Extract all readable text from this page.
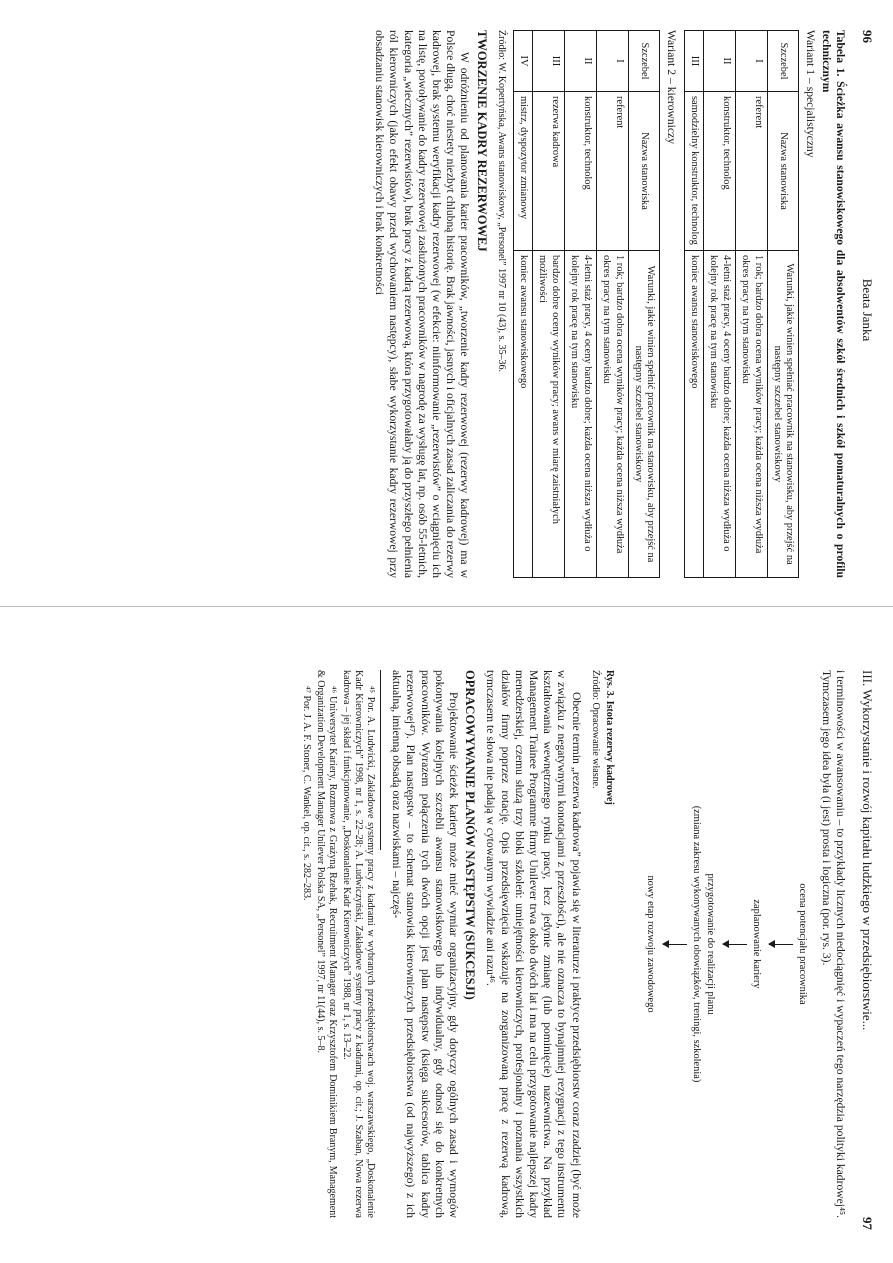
96
Beata Janka

Tabela 1. Ścieżka awansu stanowiskowego dla absolwentów szkół średnich i szkół pomaturalnych o profilu technicznym

Wariant 1 – specjalistyczny

Szczebel	Nazwa stanowiska	Warunki, jakie winien spełniać pracownik na stanowisku, aby przejść na następny szczebel stanowiskowy
I	referent	1 rok; bardzo dobra ocena wyników pracy; każda ocena niższa wydłuża okres pracy na tym stanowisku
II	konstruktor, technolog	4-letni staż pracy, 4 oceny bardzo dobre; każda ocena niższa wydłuża o kolejny rok pracę na tym stanowisku
III	samodzielny konstruktor, technolog	koniec awansu stanowiskowego

Wariant 2 – kierowniczy

Szczebel	Nazwa stanowiska	Warunki, jakie winien spełnić pracownik na stanowisku, aby przejść na następny szczebel stanowiskowy
I	referent	1 rok; bardzo dobra ocena wyników pracy; każda ocena niższa wydłuża okres pracy na tym stanowisku
II	konstruktor, technolog	4-letni staż pracy, 4 oceny bardzo dobre; każda ocena niższa wydłuża o kolejny rok pracę na tym stanowisku
III	rezerwa kadrowa	bardzo dobre oceny wyników pracy; awans w miarę zaistniałych możliwości
IV	mistrz, dyspozytor zmianowy	koniec awansu stanowiskowego

Źródło: W. Kopertyńska, Awans stanowiskowy, „Personel” 1997 nr 10 (43), s. 35–36.

TWORZENIE KADRY REZERWOWEJ

W odróżnieniu od planowania karier pracowników, „tworzenie kadry rezerwowej (rezerwy kadrowej) ma w Polsce długą, choć niestety niezbyt chlubną historię. Brak jawności, jasnych i oficjalnych zasad zaliczania do rezerwy kadrowej, brak systemu weryfikacji kadry rezerwowej (w efekcie: niinformowanie „rezerwistów” o wciągnięciu ich na listę, powoływanie do kadry rezerwowej zasłużonych pracowników w nagrodę za wysługę lat, np. osób 55-letnich, kategoria „wiecznych” rezerwistów), brak pracy z kadrą rezerwową, która przygotowałaby ją do przyszłego pełnienia ról kierowniczych (jako efekt obawy przed wychowaniem następcy), słabe wykorzystanie kadry rezerwowej przy obsadzaniu stanowisk kierowniczych i brak konkretności

III. Wykorzystanie i rozwój kapitału ludzkiego w przedsiębiorstwie...
97

i terminowości w awansowaniu – to przykłady licznych niedociągnięć i wypaczeń tego narzędzia polityki kadrowej⁴⁵. Tymczasem jego idea była (i jest) prosta i logiczna (por. rys. 3).

ocena potencjału pracownika
zaplanowanie kariery
przygotowanie do realizacji planu
(zmiana zakresu wykonywanych obowiązków, treningi, szkolenia)
nowy etap rozwoju zawodowego

Rys. 3. Istota rezerwy kadrowej

Źródło: Opracowanie własne.

Obecnie termin „rezerwa kadrowa” pojawia się w literaturze i praktyce przedsiębiorstw coraz rzadziej (być może w związku z negatywnymi konotacjami z przeszłości), ale nie oznacza to bynajmniej rezygnacji z tego instrumentu kształtowania wewnętrznego rynku pracy, lecz jedynie zmianę (lub pominięcie) nazewnictwa. Na przykład Management Trainee Programme firmy Unilever trwa około dwóch lat i ma na celu przygotowanie najlepszej kadry menedżerskiej, czemu służą trzy bloki szkoleń: umiejętności kierowniczych, profesjonalny i poznania wszystkich działów firmy poprzez rotację. Opis przedsięwzięcia wskazuje na zorganizowaną pracę z rezerwą kadrową, tymczasem te słowa nie padają w cytowanym wywiadzie ani razu⁴⁶.

OPRACOWYWANIE PLANÓW NASTĘPSTW (SUKCESJI)

Projektowanie ścieżek kariery może mieć wymiar organizacyjny, gdy dotyczy ogólnych zasad i wymogów pokonywania kolejnych szczebli awansu stanowiskowego lub indywidualny, gdy odnosi się do konkretnych pracowników. Wyrazem połączenia tych dwóch opcji jest plan następstw (księga sukcesorów, tablica kadry rezerwowej⁴⁷). Plan następstw – to schemat stanowisk kierowniczych przedsiębiorstwa (od najwyższego) z ich aktualną, imienną obsadą oraz nazwiskami – najczęś-

⁴⁵ Por. A. Ludwicki, Zakładowe systemy pracy z kadrami w wybranych przedsiębiorstwach woj. warszawskiego, „Doskonalenie Kadr Kierowniczych” 1998, nr 1, s. 22–28; A. Ludwiczyński, Zakładowe systemy pracy z kadrami, op. cit.; J. Szaban, Nowa rezerwa kadrowa – jej skład i funkcjonowanie, „Doskonalenie Kadr Kierowniczych” 1988, nr 1, s. 13–22.

⁴⁶ Uniwersytet Kariery, Rozmowa z Grażyną Rzehak, Recruitment Manager oraz Krzysztofem Dominikiem Branym, Management & Organization Development Manager Unilever Polska SA, „Personel” 1997, nr 11(44), s. 5–8.

⁴⁷ Por. J. A. F. Stoner, C. Wankel, op. cit., s. 282–283.
